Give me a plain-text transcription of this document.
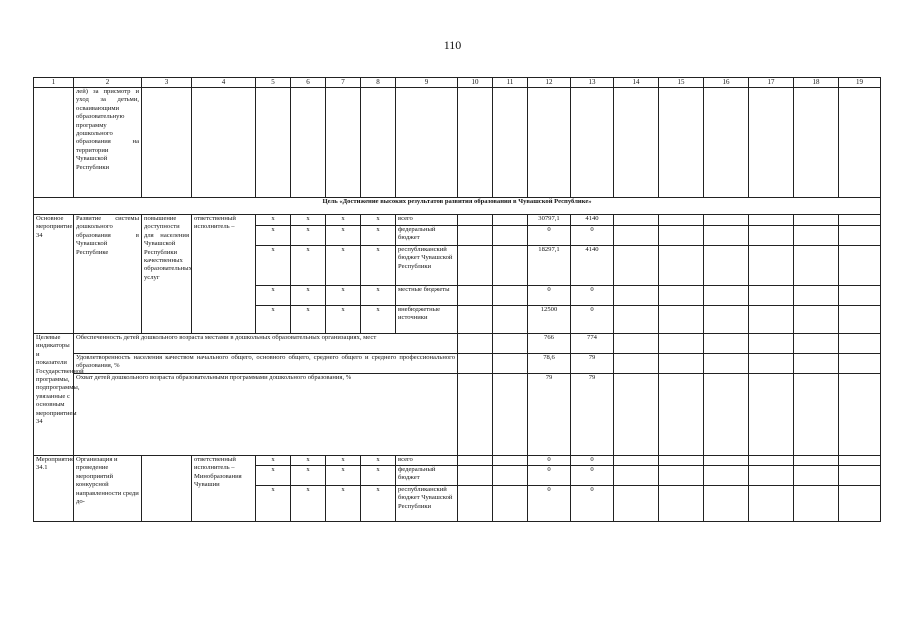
110
1	2	3	4	5	6	7	8	9	10	11	12	13	14	15	16	17	18	19
	лей) за присмотр и уход за детьми, осваивающими образовательную программу дошкольного образования на территории Чувашской Республики																	
Цель «Достижение высоких результатов развития образования в Чувашской Республике»																		
Основное мероприятие 34	Развитие системы дошкольного образования в Чувашской Республике	повышение доступности для населения Чувашской Республики качественных образовательных услуг	ответственный исполнитель –	x	x	x	x	всего			30797,1	4140						
				x	x	x	x	федеральный бюджет			0	0						
				x	x	x	x	республиканский бюджет Чувашской Республики			18297,1	4140						
				x	x	x	x	местные бюджеты			0	0						
				x	x	x	x	внебюджетные источники			12500	0						
Целевые индикаторы и показатели Государственной программы, подпрограммы, увязанные с основным мероприятием 34	Обеспеченность детей дошкольного возраста местами в дошкольных образовательных организациях, мест										766	774						
	Удовлетворенность населения качеством начального общего, основного общего, среднего общего и среднего профессионального образования, %										78,6	79						
	Охват детей дошкольного возраста образовательными программами дошкольного образования, %										79	79						
Мероприятие 34.1	Организация и проведение мероприятий конкурсной направленности среди до-		ответственный исполнитель – Минобразования Чувашии	x	x	x	x	всего			0	0						
				x	x	x	x	федеральный бюджет			0	0						
				x	x	x	x	республиканский бюджет Чувашской Республики			0	0						
